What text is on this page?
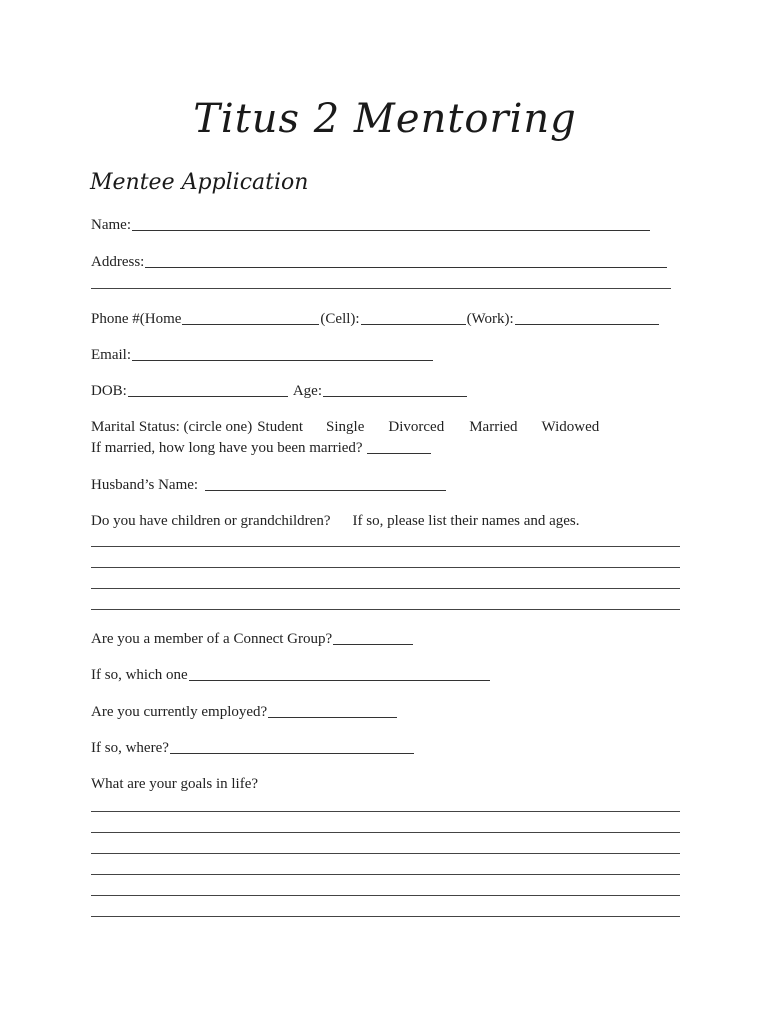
Titus 2 Mentoring
Mentee Application
Name:
Address:
Phone #(Home	(Cell):	(Work):
Email:
DOB:	Age:
Marital Status: (circle one) Student Single Divorced Married Widowed
If married, how long have you been married?
Husband’s Name:
Do you have children or grandchildren? If so, please list their names and ages.
Are you a member of a Connect Group?
If so, which one
Are you currently employed?
If so, where?
What are your goals in life?
